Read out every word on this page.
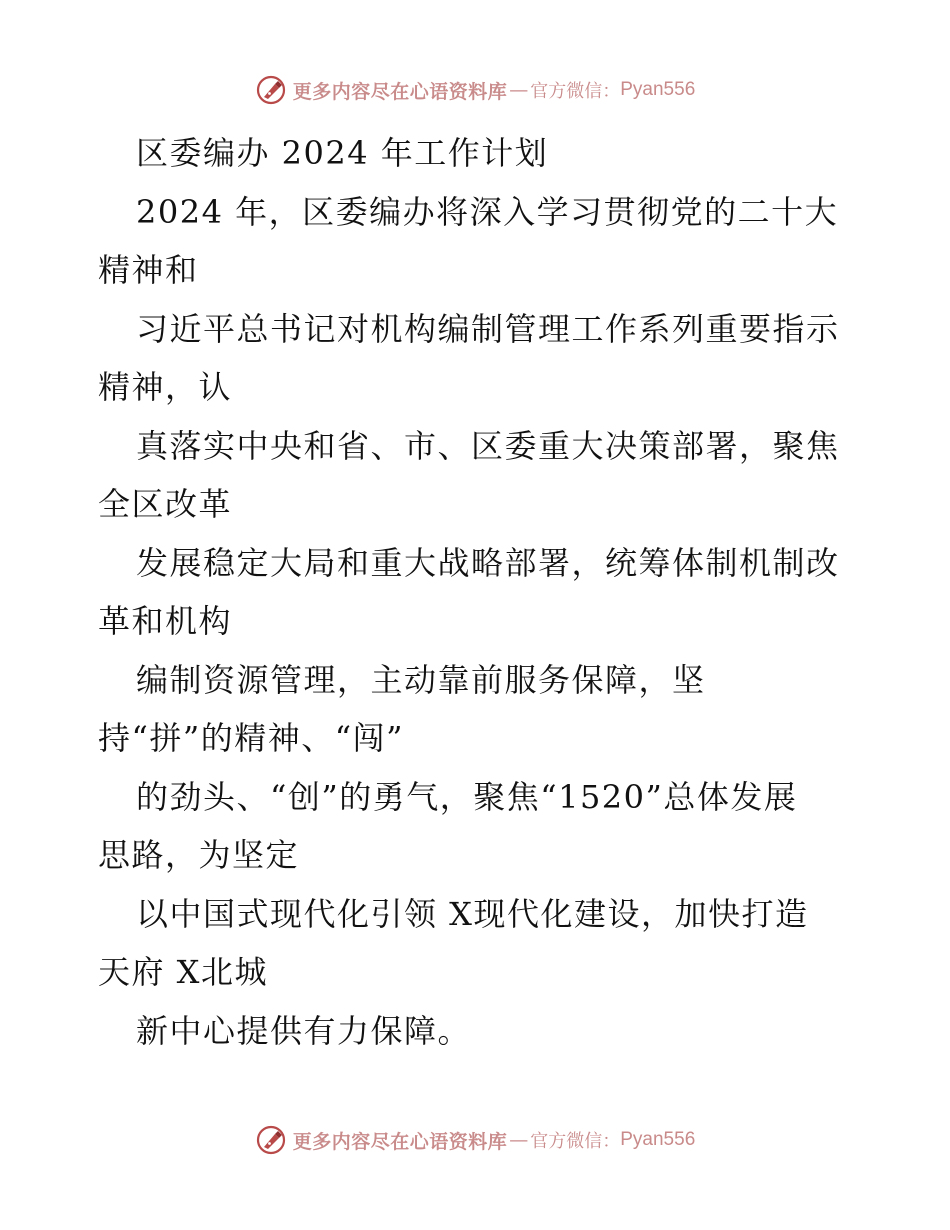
更多内容尽在心语资料库 — 官方微信： Pyan556
区委编办 2024 年工作计划
2024 年，区委编办将深入学习贯彻党的二十大
精神和
习近平总书记对机构编制管理工作系列重要指示
精神，认
真落实中央和省、市、区委重大决策部署，聚焦
全区改革
发展稳定大局和重大战略部署，统筹体制机制改
革和机构
编制资源管理，主动靠前服务保障，坚
持“拼”的精神、“闯”
的劲头、“创”的勇气，聚焦“1520”总体发展
思路，为坚定
以中国式现代化引领 X现代化建设，加快打造
天府 X北城
新中心提供有力保障。
更多内容尽在心语资料库 — 官方微信： Pyan556
